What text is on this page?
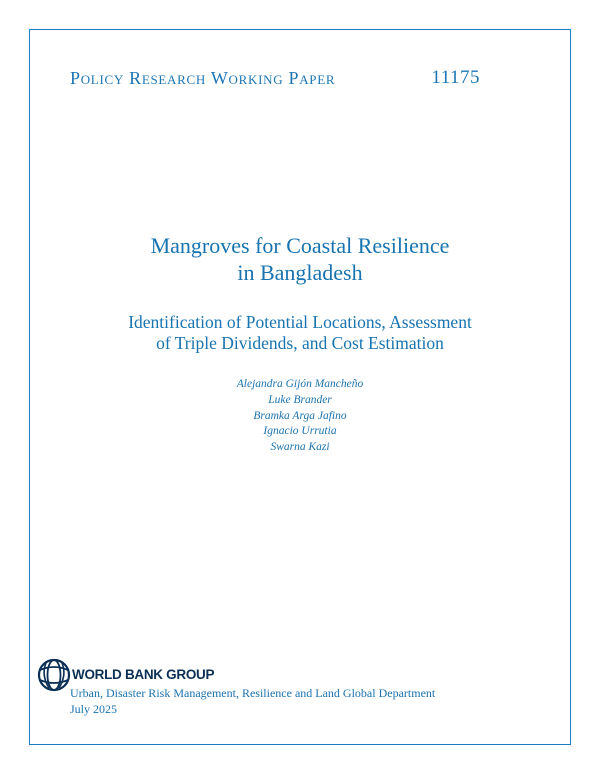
Policy Research Working Paper	11175
Mangroves for Coastal Resilience
in Bangladesh
Identification of Potential Locations, Assessment
of Triple Dividends, and Cost Estimation
Alejandra Gijón Mancheño
Luke Brander
Bramka Arga Jafino
Ignacio Urrutia
Swarna Kazi
WORLD BANK GROUP
Urban, Disaster Risk Management, Resilience and Land Global Department
July 2025
